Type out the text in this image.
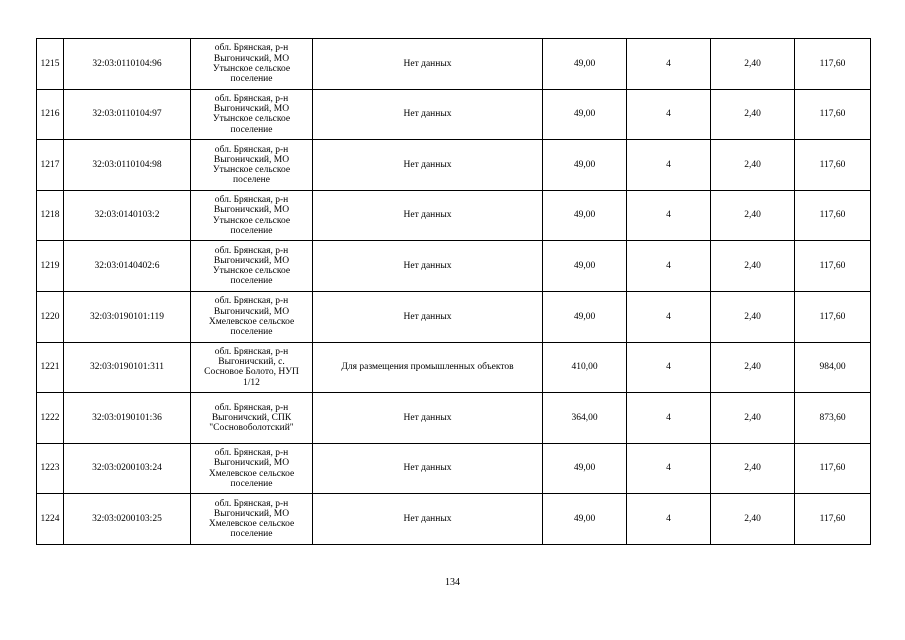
1215	32:03:0110104:96	обл. Брянская, р-н
Выгоничский, МО
Утынское сельское
поселение	Нет данных	49,00	4	2,40	117,60
1216	32:03:0110104:97	обл. Брянская, р-н
Выгоничский, МО
Утынское сельское
поселение	Нет данных	49,00	4	2,40	117,60
1217	32:03:0110104:98	обл. Брянская, р-н
Выгоничский, МО
Утынское сельское
поселене	Нет данных	49,00	4	2,40	117,60
1218	32:03:0140103:2	обл. Брянская, р-н
Выгоничский, МО
Утынское сельское
поселение	Нет данных	49,00	4	2,40	117,60
1219	32:03:0140402:6	обл. Брянская, р-н
Выгоничский, МО
Утынское сельское
поселение	Нет данных	49,00	4	2,40	117,60
1220	32:03:0190101:119	обл. Брянская, р-н
Выгоничский, МО
Хмелевское сельское
поселение	Нет данных	49,00	4	2,40	117,60
1221	32:03:0190101:311	обл. Брянская, р-н
Выгоничский, с.
Сосновое Болото, НУП
1/12	Для размещения промышленных объектов	410,00	4	2,40	984,00
1222	32:03:0190101:36	обл. Брянская, р-н
Выгоничский, СПК
"Сосновоболотский"	Нет данных	364,00	4	2,40	873,60
1223	32:03:0200103:24	обл. Брянская, р-н
Выгоничский, МО
Хмелевское сельское
поселение	Нет данных	49,00	4	2,40	117,60
1224	32:03:0200103:25	обл. Брянская, р-н
Выгоничский, МО
Хмелевское сельское
поселение	Нет данных	49,00	4	2,40	117,60
134
